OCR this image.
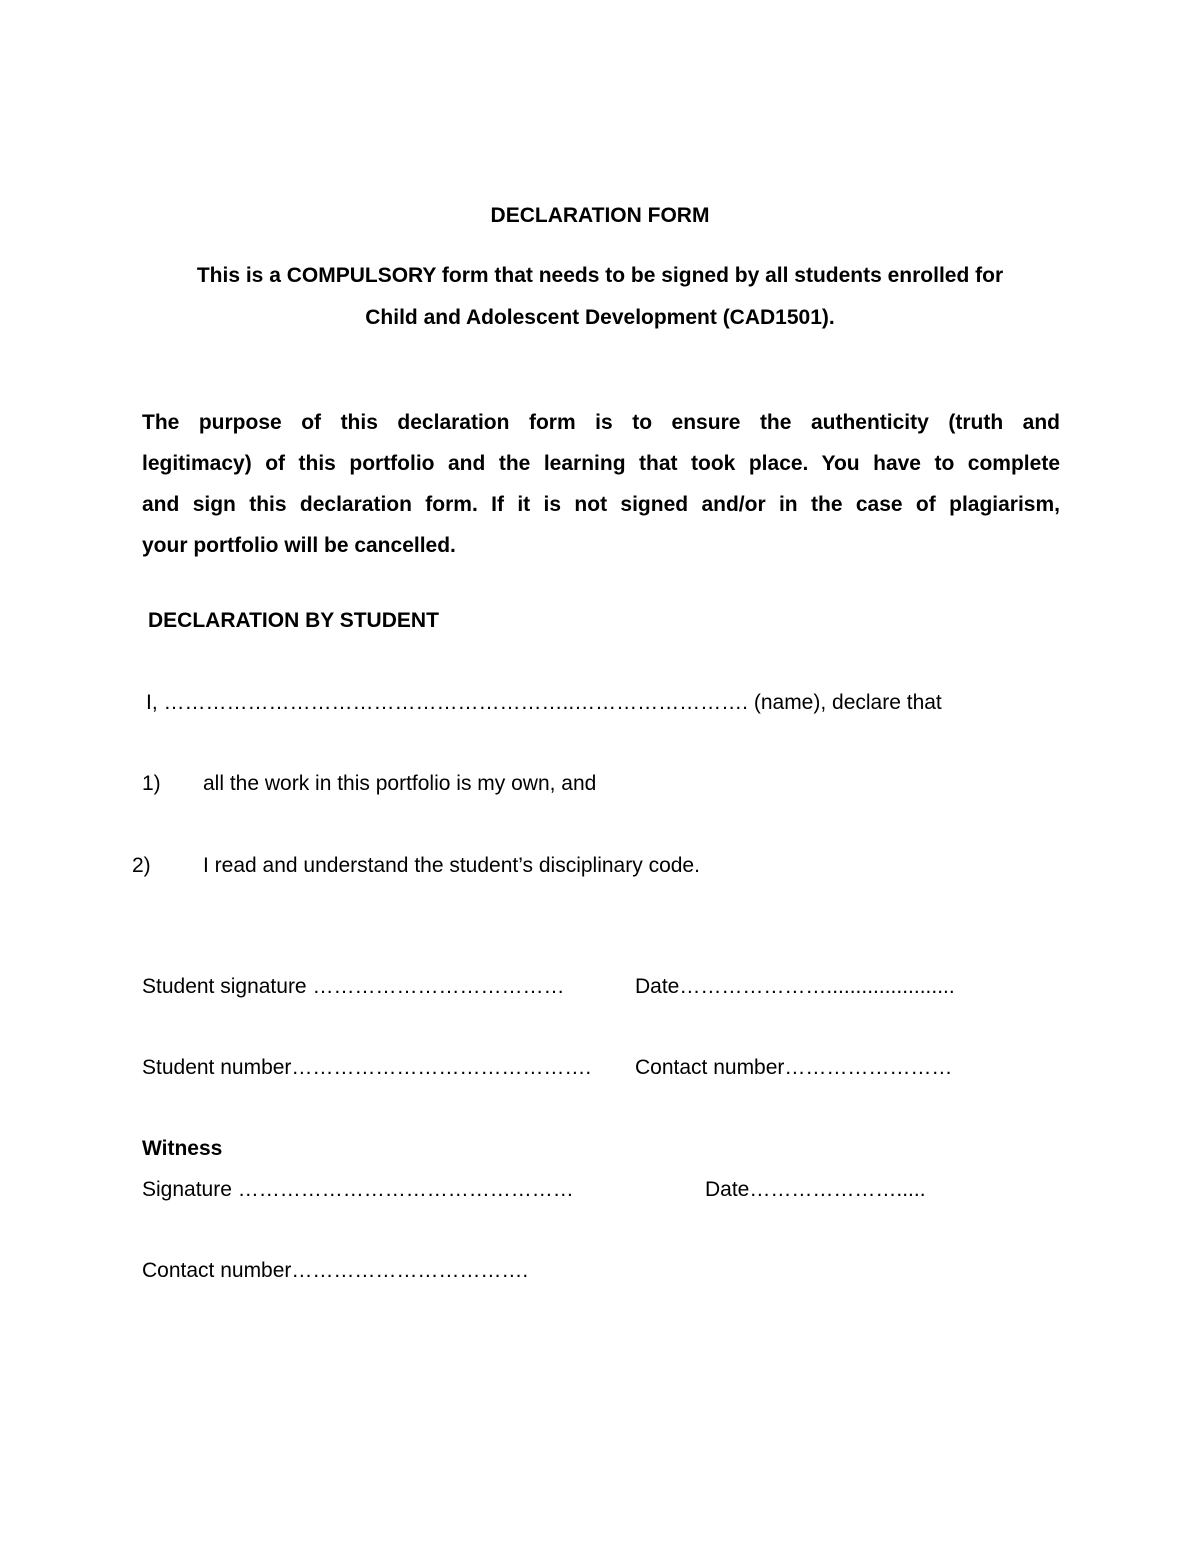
DECLARATION FORM
This is a COMPULSORY form that needs to be signed by all students enrolled for
Child and Adolescent Development (CAD1501).
The purpose of this declaration form is to ensure the authenticity (truth and
legitimacy) of this portfolio and the learning that took place. You have to complete
and sign this declaration form. If it is not signed and/or in the case of plagiarism,
your portfolio will be cancelled.
DECLARATION BY STUDENT
I, …………………………………………………..……………………. (name), declare that
1) all the work in this portfolio is my own, and
2) I read and understand the student’s disciplinary code.
Student signature ………………………………	Date…………………......................
Student number……………………………………. Contact number……………………
Witness
Signature …………………………………………	Date………………….....
Contact number…………………………….
